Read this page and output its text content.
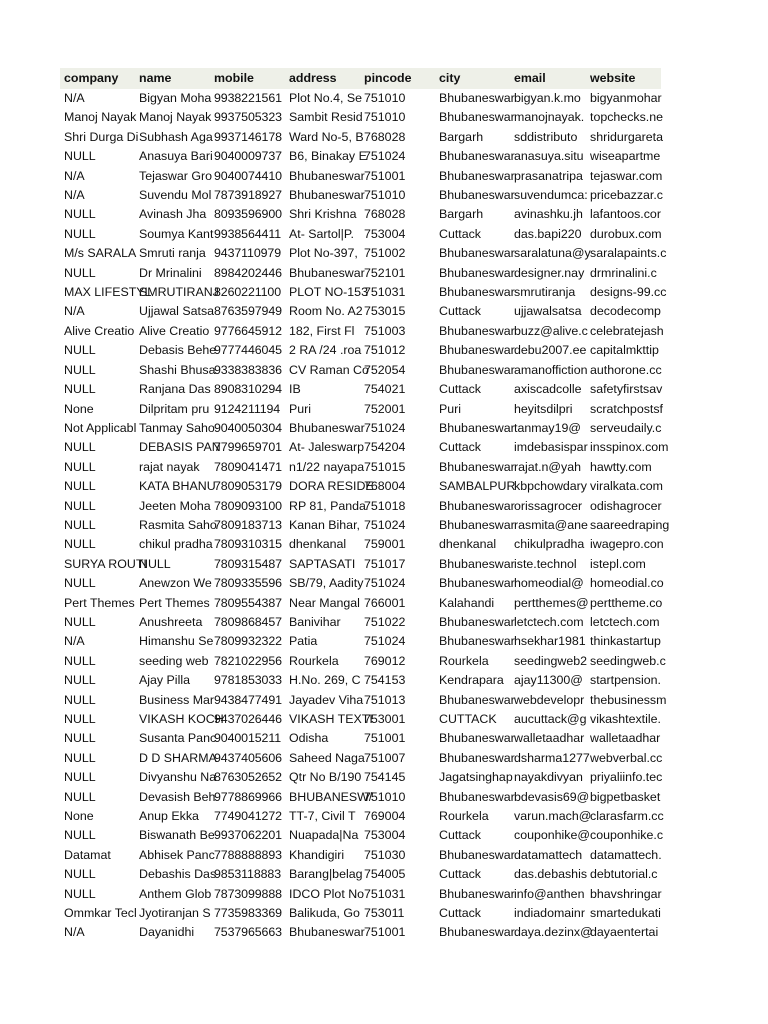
company	name	mobile	address	pincode	city	email	website
N/A	Bigyan Moha	9938221561	Plot No.4, Se	751010	Bhubaneswar	bigyan.k.mo	bigyanmohar
Manoj Nayak	Manoj Nayak	9937505323	Sambit Resid	751010	Bhubaneswar	manojnayak.	topchecks.ne
Shri Durga Di	Subhash Aga	9937146178	Ward No-5, B	768028	Bargarh	sddistributo	shridurgareta
NULL	Anasuya Bari	9040009737	B6, Binakay E	751024	Bhubaneswar	anasuya.situ	wiseapartme
N/A	Tejaswar Gro	9040074410	Bhubaneswar	751001	Bhubaneswar	prasanatripa	tejaswar.com
N/A	Suvendu Mol	7873918927	Bhubaneswar	751010	Bhubaneswar	suvendumca:	pricebazzar.c
NULL	Avinash Jha	8093596900	Shri Krishna	768028	Bargarh	avinashku.jh	lafantoos.cor
NULL	Soumya Kant	9938564411	At- Sartol|P.	753004	Cuttack	das.bapi220	durobux.com
M/s SARALA	Smruti ranja	9437110979	Plot No-397,	751002	Bhubaneswar	saralatuna@y	saralapaints.c
NULL	Dr Mrinalini	8984202446	Bhubaneswar	752101	Bhubaneswar	designer.nay	drmrinalini.c
MAX LIFESTYL	SMRUTIRANJ	8260221100	PLOT NO-153	751031	Bhubaneswar	smrutiranja	designs-99.cc
N/A	Ujjawal Satsa	8763597949	Room No. A2	753015	Cuttack	ujjawalsatsa	decodecomp
Alive Creatio	Alive Creatio	9776645912	182, First Fl	751003	Bhubaneswar	buzz@alive.c	celebratejash
NULL	Debasis Behe	9777446045	2 RA /24 .roa	751012	Bhubaneswar	debu2007.ee	capitalmkttip
NULL	Shashi Bhusa	9338383836	CV Raman Co	752054	Bhubaneswar	amanoffiction	authorone.cc
NULL	Ranjana Das	8908310294	IB	754021	Cuttack	axiscadcolle	safetyfirstsav
None	Dilpritam pru	9124211194	Puri	752001	Puri	heyitsdilpri	scratchpostsf
Not Applicabl	Tanmay Saho	9040050304	Bhubaneswar	751024	Bhubaneswar	tanmay19@	serveudaily.c
NULL	DEBASIS PAN	7799659701	At- Jaleswarp	754204	Cuttack	imdebasispar	insspinox.com
NULL	rajat nayak	7809041471	n1/22 nayapa	751015	Bhubaneswar	rajat.n@yah	hawtty.com
NULL	KATA BHANU	7809053179	DORA RESIDE	768004	SAMBALPUR	kbpchowdary	viralkata.com
NULL	Jeeten Moha	7809093100	RP 81, Panda	751018	Bhubaneswar	orissagrocer	odishagrocer
NULL	Rasmita Saho	7809183713	Kanan Bihar,	751024	Bhubaneswar	rasmita@ane	saareedraping
NULL	chikul pradha	7809310315	dhenkanal	759001	dhenkanal	chikulpradha	iwagepro.con
SURYA ROUTI	NULL	7809315487	SAPTASATI	751017	Bhubaneswar	iste.technol	istepl.com
NULL	Anewzon We	7809335596	SB/79, Aadity	751024	Bhubaneswar	homeodial@	homeodial.co
Pert Themes	Pert Themes	7809554387	Near Mangal	766001	Kalahandi	pertthemes@	perttheme.co
NULL	Anushreeta	7809868457	Banivihar	751022	Bhubaneswar	letctech.com	letctech.com
N/A	Himanshu Se	7809932322	Patia	751024	Bhubaneswar	hsekhar1981	thinkastartup
NULL	seeding web	7821022956	Rourkela	769012	Rourkela	seedingweb2	seedingweb.c
NULL	Ajay Pilla	9781853033	H.No. 269, C	754153	Kendrapara	ajay11300@	startpension.
NULL	Business Mar	9438477491	Jayadev Viha	751013	Bhubaneswar	webdevelopr	thebusinessm
NULL	VIKASH KOCH	9437026446	VIKASH TEXTI	753001	CUTTACK	aucuttack@g	vikashtextile.
NULL	Susanta Panc	9040015211	Odisha	751001	Bhubaneswar	walletaadhar	walletaadhar
NULL	D D SHARMA	9437405606	Saheed Naga	751007	Bhubaneswar	dsharma1277	webverbal.cc
NULL	Divyanshu Na	8763052652	Qtr No B/190	754145	Jagatsinghap	nayakdivyan	priyaliinfo.tec
NULL	Devasish Beh	9778869966	BHUBANESW/	751010	Bhubaneswar	bdevasis69@	bigpetbasket
None	Anup Ekka	7749041272	TT-7, Civil T	769004	Rourkela	varun.mach@	clarasfarm.cc
NULL	Biswanath Be	9937062201	Nuapada|Na	753004	Cuttack	couponhike@	couponhike.c
Datamat	Abhisek Panc	7788888893	Khandigiri	751030	Bhubaneswar	datamattech	datamattech.
NULL	Debashis Das	9853118883	Barang|belag	754005	Cuttack	das.debashis	debtutorial.c
NULL	Anthem Glob	7873099888	IDCO Plot No	751031	Bhubaneswar	info@anthen	bhavshringar
Ommkar Tecl	Jyotiranjan S	7735983369	Balikuda, Go	753011	Cuttack	indiadomainr	smartedukati
N/A	Dayanidhi	7537965663	Bhubaneswar	751001	Bhubaneswar	daya.dezinx@	dayaentertai
